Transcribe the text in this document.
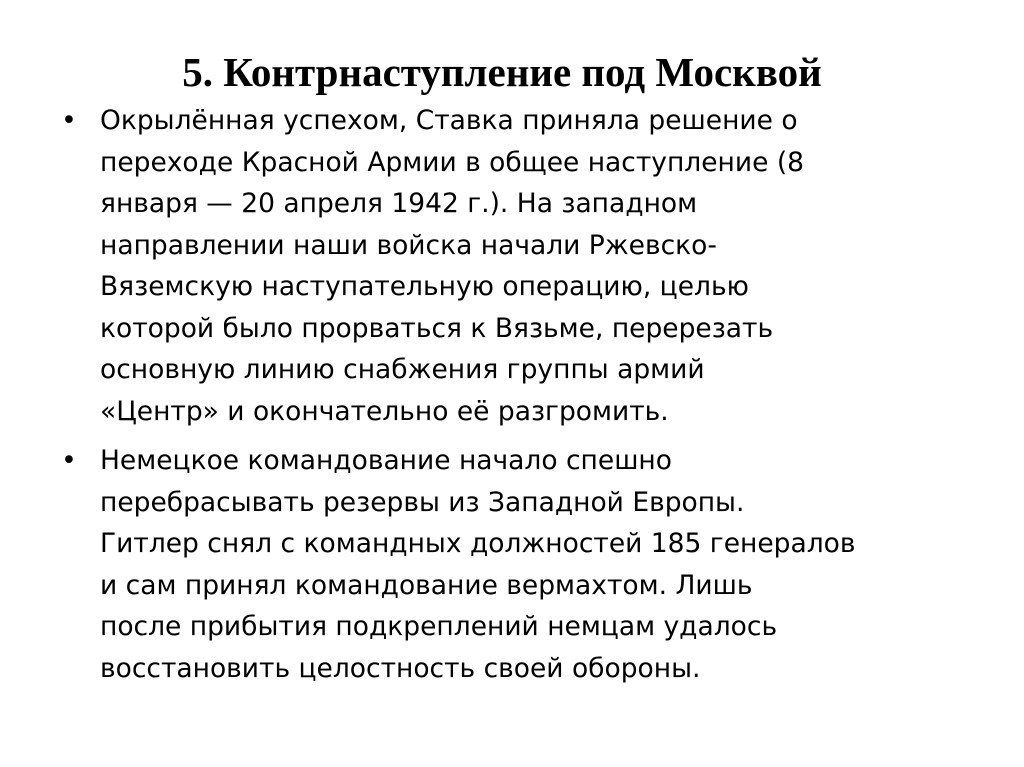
5. Контрнаступление под Москвой
• Окрылённая успехом, Ставка приняла решение о
переходе Красной Армии в общее наступление (8
января — 20 апреля 1942 г.). На западном
направлении наши войска начали Ржевско-
Вяземскую наступательную операцию, целью
которой было прорваться к Вязьме, перерезать
основную линию снабжения группы армий
«Центр» и окончательно её разгромить.
• Немецкое командование начало спешно
перебрасывать резервы из Западной Европы.
Гитлер снял с командных должностей 185 генералов
и сам принял командование вермахтом. Лишь
после прибытия подкреплений немцам удалось
восстановить целостность своей обороны.
